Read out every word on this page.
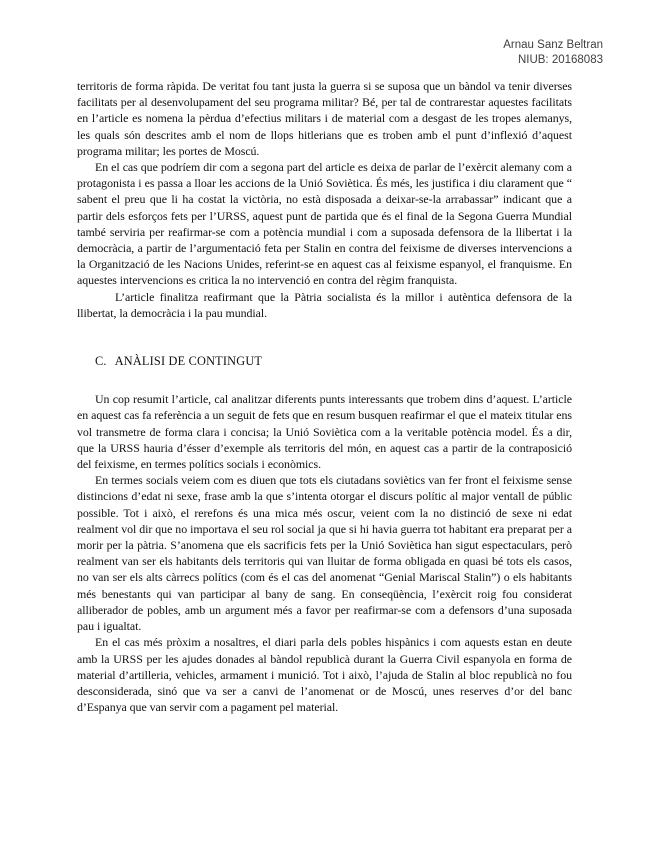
Arnau Sanz Beltran
NIUB: 20168083

territoris de forma ràpida. De veritat fou tant justa la guerra si se suposa que un bàndol va tenir diverses facilitats per al desenvolupament del seu programa militar? Bé, per tal de contrarestar aquestes facilitats en l’article es nomena la pèrdua d’efectius militars i de material com a desgast de les tropes alemanys, les quals són descrites amb el nom de llops hitlerians que es troben amb el punt d’inflexió d’aquest programa militar; les portes de Moscú.

En el cas que podríem dir com a segona part del article es deixa de parlar de l’exèrcit alemany com a protagonista i es passa a lloar les accions de la Unió Soviètica. És més, les justifica i diu clarament que “ sabent el preu que li ha costat la victòria, no està disposada a deixar-se-la arrabassar” indicant que a partir dels esforços fets per l’URSS, aquest punt de partida que és el final de la Segona Guerra Mundial també serviria per reafirmar-se com a potència mundial i com a suposada defensora de la llibertat i la democràcia, a partir de l’argumentació feta per Stalin en contra del feixisme de diverses intervencions a la Organització de les Nacions Unides, referint-se en aquest cas al feixisme espanyol, el franquisme. En aquestes intervencions es critica la no intervenció en contra del règim franquista.

L’article finalitza reafirmant que la Pàtria socialista és la millor i autèntica defensora de la llibertat, la democràcia i la pau mundial.

C. ANÀLISI DE CONTINGUT

Un cop resumit l’article, cal analitzar diferents punts interessants que trobem dins d’aquest. L’article en aquest cas fa referència a un seguit de fets que en resum busquen reafirmar el que el mateix titular ens vol transmetre de forma clara i concisa; la Unió Soviètica com a la veritable potència model. És a dir, que la URSS hauria d’ésser d’exemple als territoris del món, en aquest cas a partir de la contraposició del feixisme, en termes polítics socials i econòmics.

En termes socials veiem com es diuen que tots els ciutadans soviètics van fer front el feixisme sense distincions d’edat ni sexe, frase amb la que s’intenta otorgar el discurs polític al major ventall de públic possible. Tot i això, el rerefons és una mica més oscur, veient com la no distinció de sexe ni edat realment vol dir que no importava el seu rol social ja que si hi havia guerra tot habitant era preparat per a morir per la pàtria. S’anomena que els sacrificis fets per la Unió Soviètica han sigut espectaculars, però realment van ser els habitants dels territoris qui van lluitar de forma obligada en quasi bé tots els casos, no van ser els alts càrrecs polítics (com és el cas del anomenat “Genial Mariscal Stalin”) o els habitants més benestants qui van participar al bany de sang. En conseqüència, l’exèrcit roig fou considerat alliberador de pobles, amb un argument més a favor per reafirmar-se com a defensors d’una suposada pau i igualtat.

En el cas més pròxim a nosaltres, el diari parla dels pobles hispànics i com aquests estan en deute amb la URSS per les ajudes donades al bàndol republicà durant la Guerra Civil espanyola en forma de material d’artilleria, vehicles, armament i munició. Tot i això, l’ajuda de Stalin al bloc republicà no fou desconsiderada, sinó que va ser a canvi de l’anomenat or de Moscú, unes reserves d’or del banc d’Espanya que van servir com a pagament pel material.
